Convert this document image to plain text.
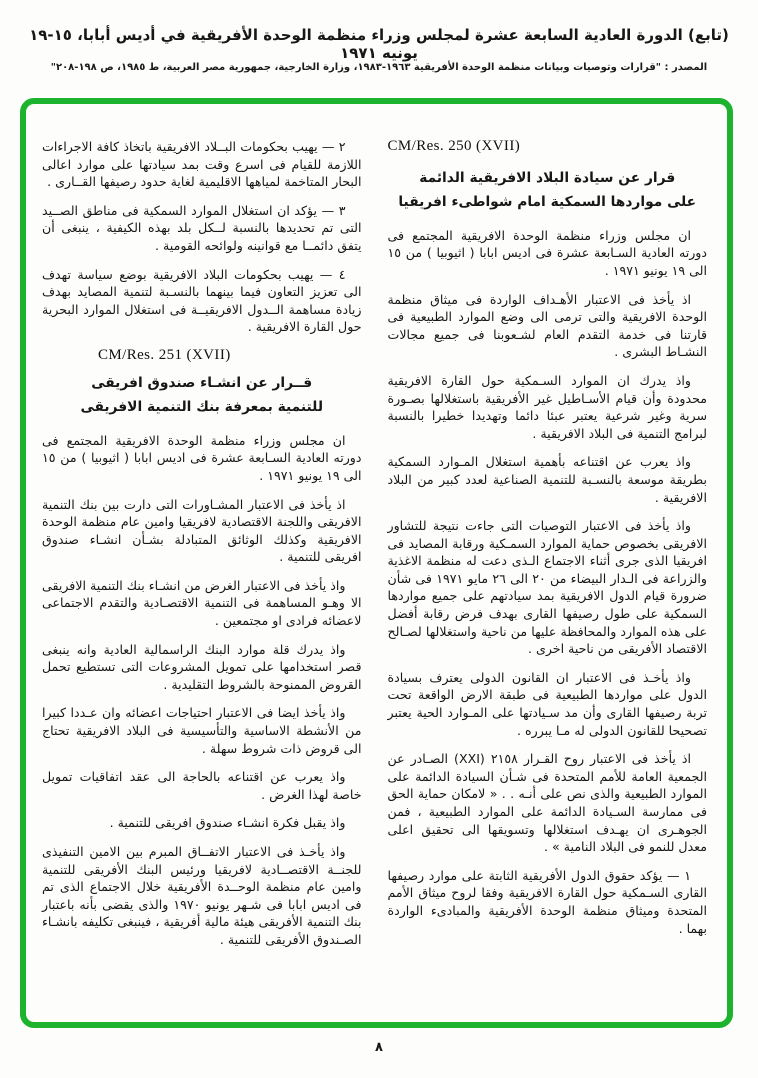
(تابع) الدورة العادية السابعة عشرة لمجلس وزراء منظمة الوحدة الأفريقية في أديس أبابا، ١٥-١٩ يونيه ١٩٧١
المصدر : "قرارات وتوصيات وبيانات منظمة الوحدة الأفريقية ١٩٦٣-١٩٨٣، وزارة الخارجية، جمهورية مصر العربية، ط ١٩٨٥، ص ١٩٨-٢٠٨"
CM/Res. 250 (XVII)
قرار عن سيادة البلاد الافريقية الدائمة
على مواردها السمكية امام شواطىء افريقيا

ان مجلس وزراء منظمة الوحدة الافريقية المجتمع فى دورته العادية السـابعة عشرة فى اديس ابابا ( اثيوبيا ) من ١٥ الى ١٩ يونيو ١٩٧١ .

اذ يأخذ فى الاعتبار الأهـداف الواردة فى ميثاق منظمة الوحدة الافريقية والتى ترمى الى وضع الموارد الطبيعية فى قارتنا فى خدمة التقدم العام لشـعوبنا فى جميع مجالات النشـاط البشرى .

واذ يدرك ان الموارد السـمكية حول القارة الافريقية محدودة وأن قيام الأسـاطيل غير الأفريقية باستغلالها بصـورة سرية وغير شرعية يعتبر عبئا دائما وتهديدا خطيرا بالنسبة لبرامج التنمية فى البلاد الافريقية .

واذ يعرب عن اقتناعه بأهمية استغلال المـوارد السمكية بطريقة موسعة بالنسـبة للتنمية الصناعية لعدد كبير من البلاد الافريقية .

واذ يأخذ فى الاعتبار التوصيات التى جاءت نتيجة للتشاور الافريقى بخصوص حماية الموارد السمـكية ورقابة المصايد فى افريقيا الذى جرى أثناء الاجتماع الـذى دعت له منظمة الاغذية والزراعة فى الـدار البيضاء من ٢٠ الى ٢٦ مايو ١٩٧١ فى شأن ضرورة قيام الدول الافريقية بمد سيادتهم على جميع مواردها السمكية على طول رصيفها القارى بهدف فرض رقابة أفضل على هذه الموارد والمحافظة عليها من ناحية واستغلالها لصـالح الاقتصاد الأفريقى من ناحية اخرى .

واذ يأخـذ فى الاعتبار ان القانون الدولى يعترف بسيادة الدول على مواردها الطبيعية فى طبقة الارض الواقعة تحت تربة رصيفها القارى وأن مد سـيادتها على المـوارد الحية يعتبر تصحيحا للقانون الدولى له مـا يبرره .

اذ يأخذ فى الاعتبار روح القـرار ٢١٥٨ (XXI) الصـادر عن الجمعية العامة للأمم المتحدة فى شـأن السيادة الدائمة على الموارد الطبيعية والذى نص على أنـه . . « لامكان حماية الحق فى ممارسة السـيادة الدائمة على الموارد الطبيعية ، فمن الجوهـرى ان يهـدف استغلالها وتسويقها الى تحقيق اعلى معدل للنمو فى البلاد النامية » .

١ — يؤكد حقوق الدول الأفريقية الثابتة على موارد رصيفها القارى السـمكية حول القارة الافريقية وفقا لروح ميثاق الأمم المتحدة وميثاق منظمة الوحدة الأفريقية والمبادىء الواردة بهما .

٢ — يهيب بحكومات البــلاد الافريقية باتخاذ كافة الاجراءات اللازمة للقيام فى اسرع وقت بمد سيادتها على موارد اعالى البحار المتاخمة لمياهها الاقليمية لغاية حدود رصيفها القــارى .

٣ — يؤكد ان استغلال الموارد السمكية فى مناطق الصــيد التى تم تحديدها بالنسبة لــكل بلد بهذه الكيفية ، ينبغى أن يتفق دائمــا مع قوانينه ولوائحه القومية .

٤ — يهيب بحكومات البلاد الافريقية بوضع سياسة تهدف الى تعزيز التعاون فيما بينهما بالنسـبة لتنمية المصايد بهدف زيادة مساهمة الــدول الافريقيــة فى استغلال الموارد البحرية حول القارة الافريقية .

CM/Res. 251 (XVII)
قــرار عن انشـاء صندوق افريقى
للتنمية بمعرفة بنك التنمية الافريقى

ان مجلس وزراء منظمة الوحدة الافريقية المجتمع فى دورته العادية السـابعة عشرة فى اديس ابابا ( اثيوبيا ) من ١٥ الى ١٩ يونيو ١٩٧١ .

اذ يأخذ فى الاعتبار المشـاورات التى دارت بين بنك التنمية الافريقى واللجنة الاقتصادية لافريقيا وامين عام منظمة الوحدة الافريقية وكذلك الوثائق المتبادلة بشـأن انشـاء صندوق افريقى للتنمية .

واذ يأخذ فى الاعتبار الغرض من انشـاء بنك التنمية الافريقى الا وهـو المساهمة فى التنمية الاقتصـادية والتقدم الاجتماعى لاعضائه فرادى او مجتمعين .

واذ يدرك قلة موارد البنك الراسمالية العادية وانه ينبغى قصر استخدامها على تمويل المشروعات التى تستطيع تحمل القروض الممنوحة بالشروط التقليدية .

واذ يأخذ ايضا فى الاعتبار احتياجات اعضائه وان عـددا كبيرا من الأنشطة الاساسية والتأسيسية فى البلاد الافريقية تحتاج الى قروض ذات شروط سهلة .

واذ يعرب عن اقتناعه بالحاجة الى عقد اتفاقيات تمويل خاصة لهذا الغرض .

واذ يقبل فكرة انشـاء صندوق افريقى للتنمية .

واذ يأخـذ فى الاعتبار الاتفــاق المبرم بين الامين التنفيذى للجنــة الاقتصــادية لافريقيا ورئيس البنك الأفريقى للتنمية وامين عام منظمة الوحــدة الأفريقية خلال الاجتماع الذى تم فى اديس ابابا فى شـهر يونيو ١٩٧٠ والذى يقضى بأنه باعتبار بنك التنمية الأفريقى هيئة مالية أفريقية ، فينبغى تكليفه بانشـاء الصـندوق الأفريقى للتنمية .

٨
